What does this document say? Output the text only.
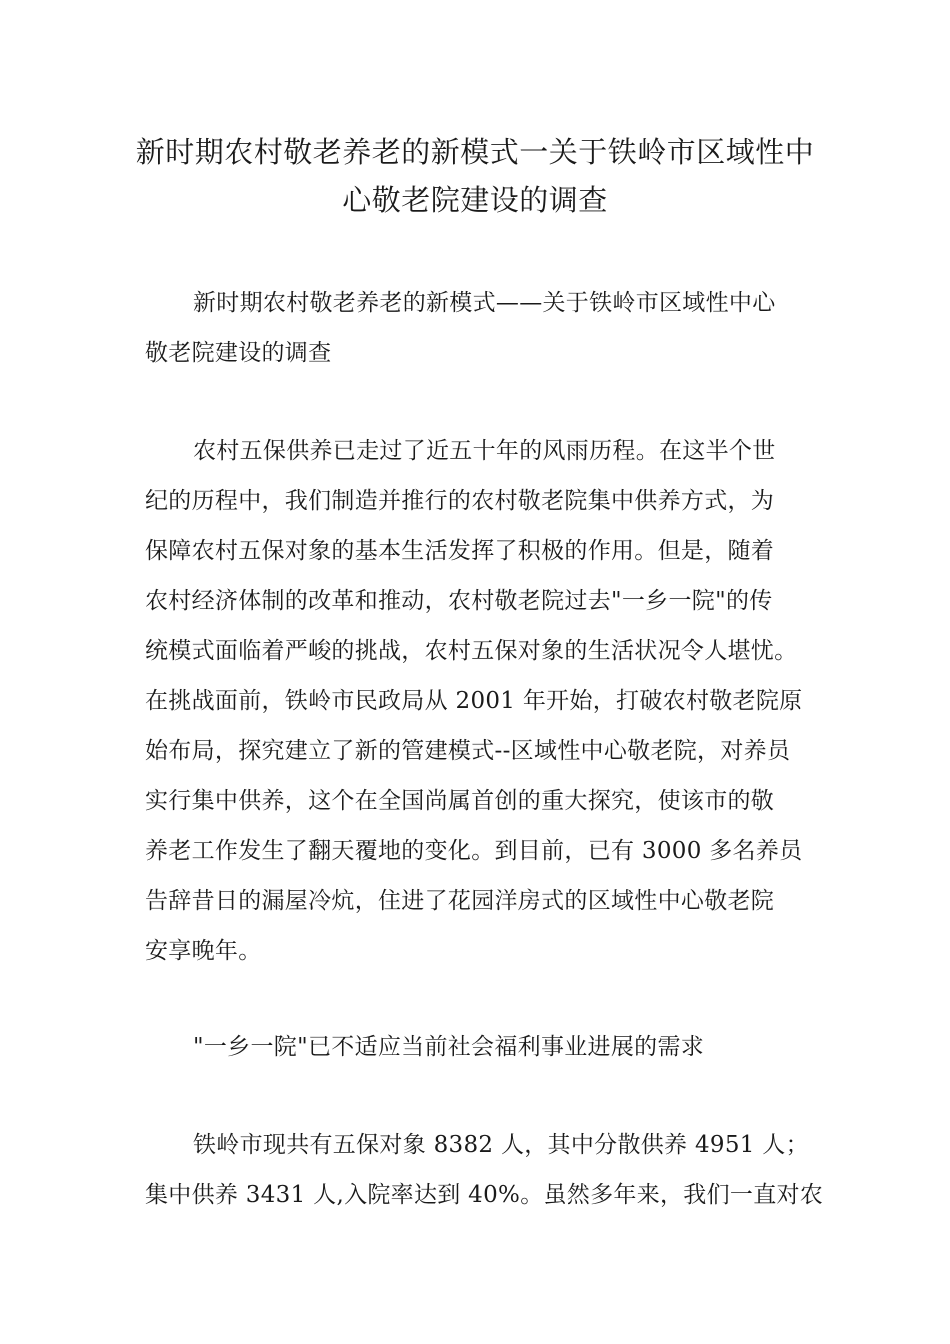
新时期农村敬老养老的新模式一关于铁岭市区域性中
心敬老院建设的调查

新时期农村敬老养老的新模式——关于铁岭市区域性中心
敬老院建设的调查

农村五保供养已走过了近五十年的风雨历程。在这半个世
纪的历程中，我们制造并推行的农村敬老院集中供养方式，为
保障农村五保对象的基本生活发挥了积极的作用。但是，随着
农村经济体制的改革和推动，农村敬老院过去"一乡一院"的传
统模式面临着严峻的挑战，农村五保对象的生活状况令人堪忧。
在挑战面前，铁岭市民政局从 2001 年开始，打破农村敬老院原
始布局，探究建立了新的管建模式--区域性中心敬老院，对养员
实行集中供养，这个在全国尚属首创的重大探究，使该市的敬
养老工作发生了翻天覆地的变化。到目前，已有 3000 多名养员
告辞昔日的漏屋冷炕，住进了花园洋房式的区域性中心敬老院
安享晚年。

"一乡一院"已不适应当前社会福利事业进展的需求

铁岭市现共有五保对象 8382 人，其中分散供养 4951 人；
集中供养 3431 人,入院率达到 40%。虽然多年来，我们一直对农
